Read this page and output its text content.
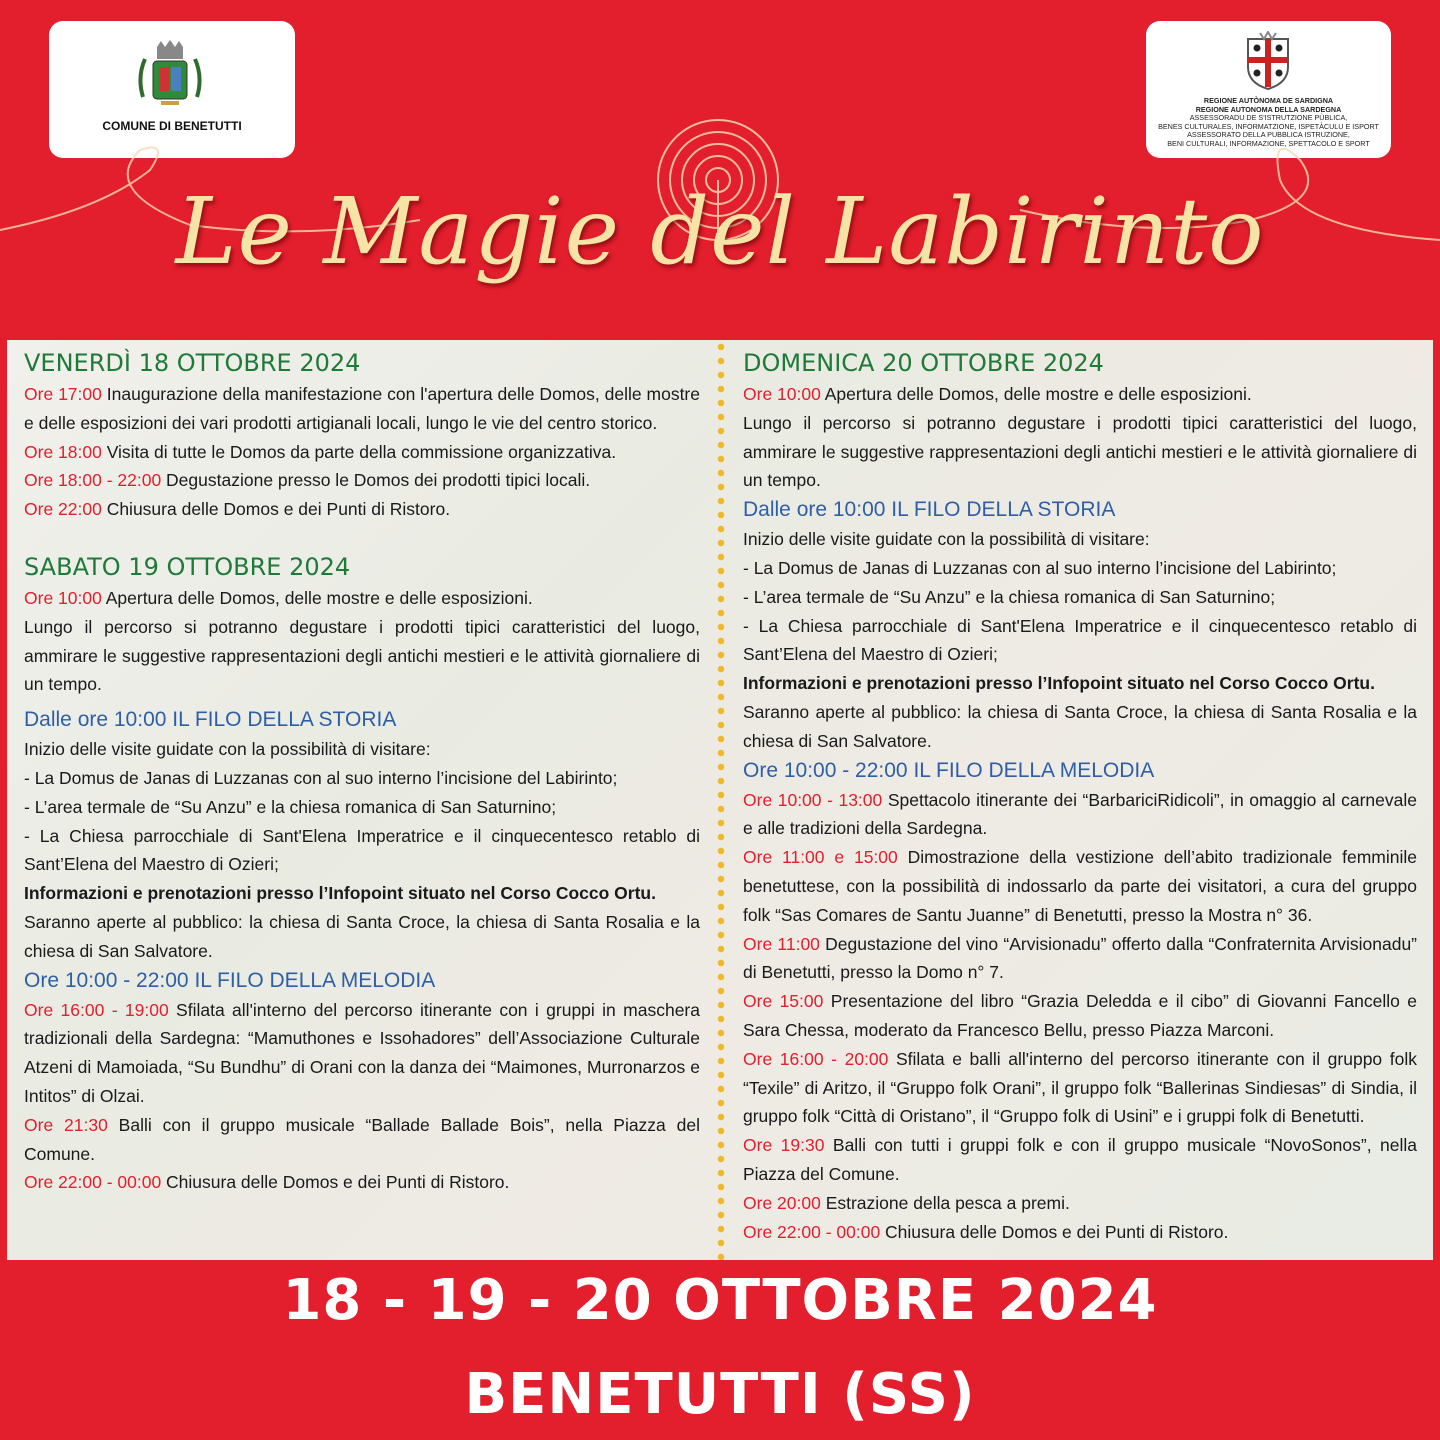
COMUNE DI BENETUTTI
REGIONE AUTÒNOMA DE SARDIGNA
REGIONE AUTONOMA DELLA SARDEGNA
ASSESSORADU DE S'ISTRUTZIONE PÙBLICA,
BENES CULTURALES, INFORMATZIONE, ISPETÀCULU E ISPORT
ASSESSORATO DELLA PUBBLICA ISTRUZIONE,
BENI CULTURALI, INFORMAZIONE, SPETTACOLO E SPORT
Le Magie del Labirinto
VENERDÌ 18 OTTOBRE 2024
Ore 17:00 Inaugurazione della manifestazione con l'apertura delle Domos, delle mostre e delle esposizioni dei vari prodotti artigianali locali, lungo le vie del centro storico.
Ore 18:00 Visita di tutte le Domos da parte della commissione organizzativa.
Ore 18:00 - 22:00 Degustazione presso le Domos dei prodotti tipici locali.
Ore 22:00 Chiusura delle Domos e dei Punti di Ristoro.
SABATO 19 OTTOBRE 2024
Ore 10:00 Apertura delle Domos, delle mostre e delle esposizioni.
Lungo il percorso si potranno degustare i prodotti tipici caratteristici del luogo, ammirare le suggestive rappresentazioni degli antichi mestieri e le attività giornaliere di un tempo.
Dalle ore 10:00 IL FILO DELLA STORIA
Inizio delle visite guidate con la possibilità di visitare:
- La Domus de Janas di Luzzanas con al suo interno l’incisione del Labirinto;
- L’area termale de “Su Anzu” e la chiesa romanica di San Saturnino;
- La Chiesa parrocchiale di Sant'Elena Imperatrice e il cinquecentesco retablo di Sant’Elena del Maestro di Ozieri;
Informazioni e prenotazioni presso l’Infopoint situato nel Corso Cocco Ortu.
Saranno aperte al pubblico: la chiesa di Santa Croce, la chiesa di Santa Rosalia e la chiesa di San Salvatore.
Ore 10:00 - 22:00 IL FILO DELLA MELODIA
Ore 16:00 - 19:00 Sfilata all'interno del percorso itinerante con i gruppi in maschera tradizionali della Sardegna: “Mamuthones e Issohadores” dell’Associazione Culturale Atzeni di Mamoiada, “Su Bundhu” di Orani con la danza dei “Maimones, Murronarzos e Intitos” di Olzai.
Ore 21:30 Balli con il gruppo musicale “Ballade Ballade Bois”, nella Piazza del Comune.
Ore 22:00 - 00:00 Chiusura delle Domos e dei Punti di Ristoro.
DOMENICA 20 OTTOBRE 2024
Ore 10:00 Apertura delle Domos, delle mostre e delle esposizioni.
Lungo il percorso si potranno degustare i prodotti tipici caratteristici del luogo, ammirare le suggestive rappresentazioni degli antichi mestieri e le attività giornaliere di un tempo.
Dalle ore 10:00 IL FILO DELLA STORIA
Inizio delle visite guidate con la possibilità di visitare:
- La Domus de Janas di Luzzanas con al suo interno l’incisione del Labirinto;
- L’area termale de “Su Anzu” e la chiesa romanica di San Saturnino;
- La Chiesa parrocchiale di Sant'Elena Imperatrice e il cinquecentesco retablo di Sant’Elena del Maestro di Ozieri;
Informazioni e prenotazioni presso l’Infopoint situato nel Corso Cocco Ortu.
Saranno aperte al pubblico: la chiesa di Santa Croce, la chiesa di Santa Rosalia e la chiesa di San Salvatore.
Ore 10:00 - 22:00 IL FILO DELLA MELODIA
Ore 10:00 - 13:00 Spettacolo itinerante dei “BarbariciRidicoli”, in omaggio al carnevale e alle tradizioni della Sardegna.
Ore 11:00 e 15:00 Dimostrazione della vestizione dell’abito tradizionale femminile benetuttese, con la possibilità di indossarlo da parte dei visitatori, a cura del gruppo folk “Sas Comares de Santu Juanne” di Benetutti, presso la Mostra n° 36.
Ore 11:00 Degustazione del vino “Arvisionadu” offerto dalla “Confraternita Arvisionadu” di Benetutti, presso la Domo n° 7.
Ore 15:00 Presentazione del libro “Grazia Deledda e il cibo” di Giovanni Fancello e Sara Chessa, moderato da Francesco Bellu, presso Piazza Marconi.
Ore 16:00 - 20:00 Sfilata e balli all'interno del percorso itinerante con il gruppo folk “Texile” di Aritzo, il “Gruppo folk Orani”, il gruppo folk “Ballerinas Sindiesas” di Sindia, il gruppo folk “Città di Oristano”, il “Gruppo folk di Usini” e i gruppi folk di Benetutti.
Ore 19:30 Balli con tutti i gruppi folk e con il gruppo musicale “NovoSonos”, nella Piazza del Comune.
Ore 20:00 Estrazione della pesca a premi.
Ore 22:00 - 00:00 Chiusura delle Domos e dei Punti di Ristoro.
18 - 19 - 20 OTTOBRE 2024
BENETUTTI (SS)
